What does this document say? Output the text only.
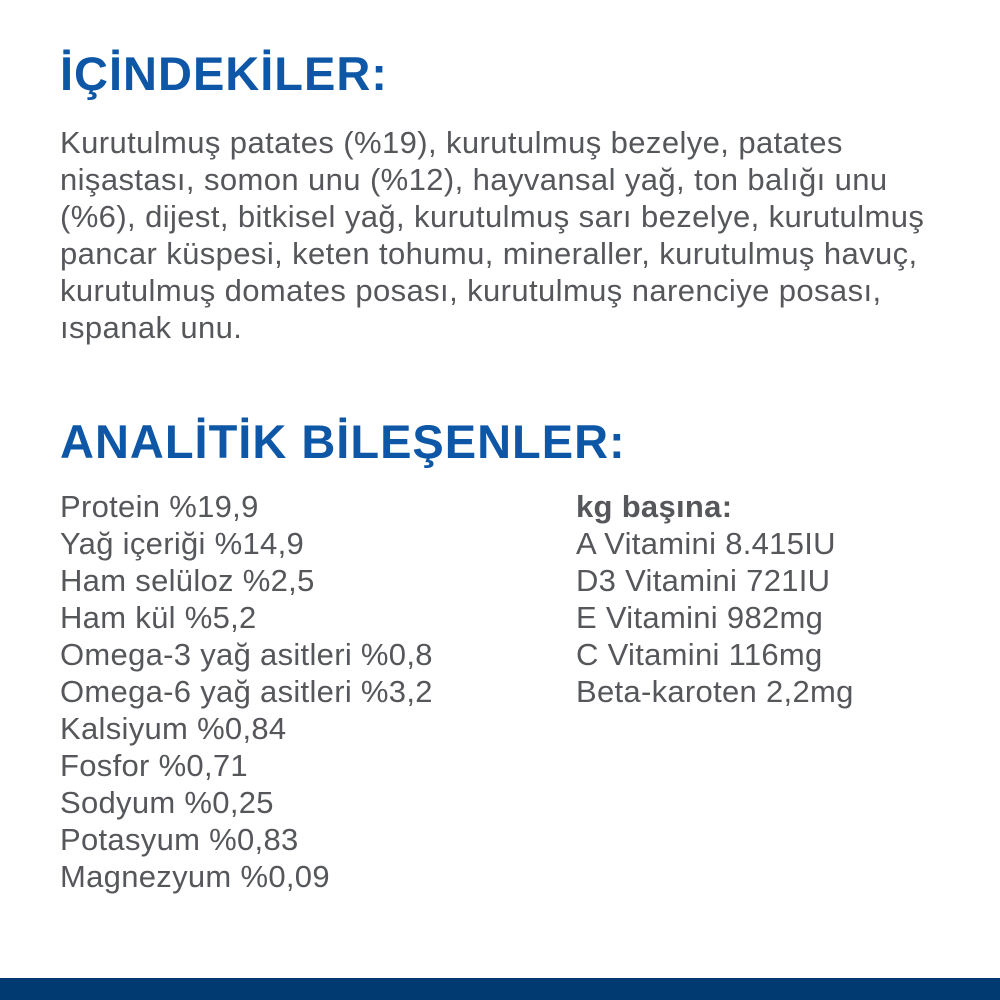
İÇİNDEKİLER:

Kurutulmuş patates (%19), kurutulmuş bezelye, patates nişastası, somon unu (%12), hayvansal yağ, ton balığı unu (%6), dijest, bitkisel yağ, kurutulmuş sarı bezelye, kurutulmuş pancar küspesi, keten tohumu, mineraller, kurutulmuş havuç, kurutulmuş domates posası, kurutulmuş narenciye posası, ıspanak unu.

ANALİTİK BİLEŞENLER:
Protein %19,9
Yağ içeriği %14,9
Ham selüloz %2,5
Ham kül %5,2
Omega-3 yağ asitleri %0,8
Omega-6 yağ asitleri %3,2
Kalsiyum %0,84
Fosfor %0,71
Sodyum %0,25
Potasyum %0,83
Magnezyum %0,09
kg başına:
A Vitamini 8.415IU
D3 Vitamini 721IU
E Vitamini 982mg
C Vitamini 116mg
Beta-karoten 2,2mg
